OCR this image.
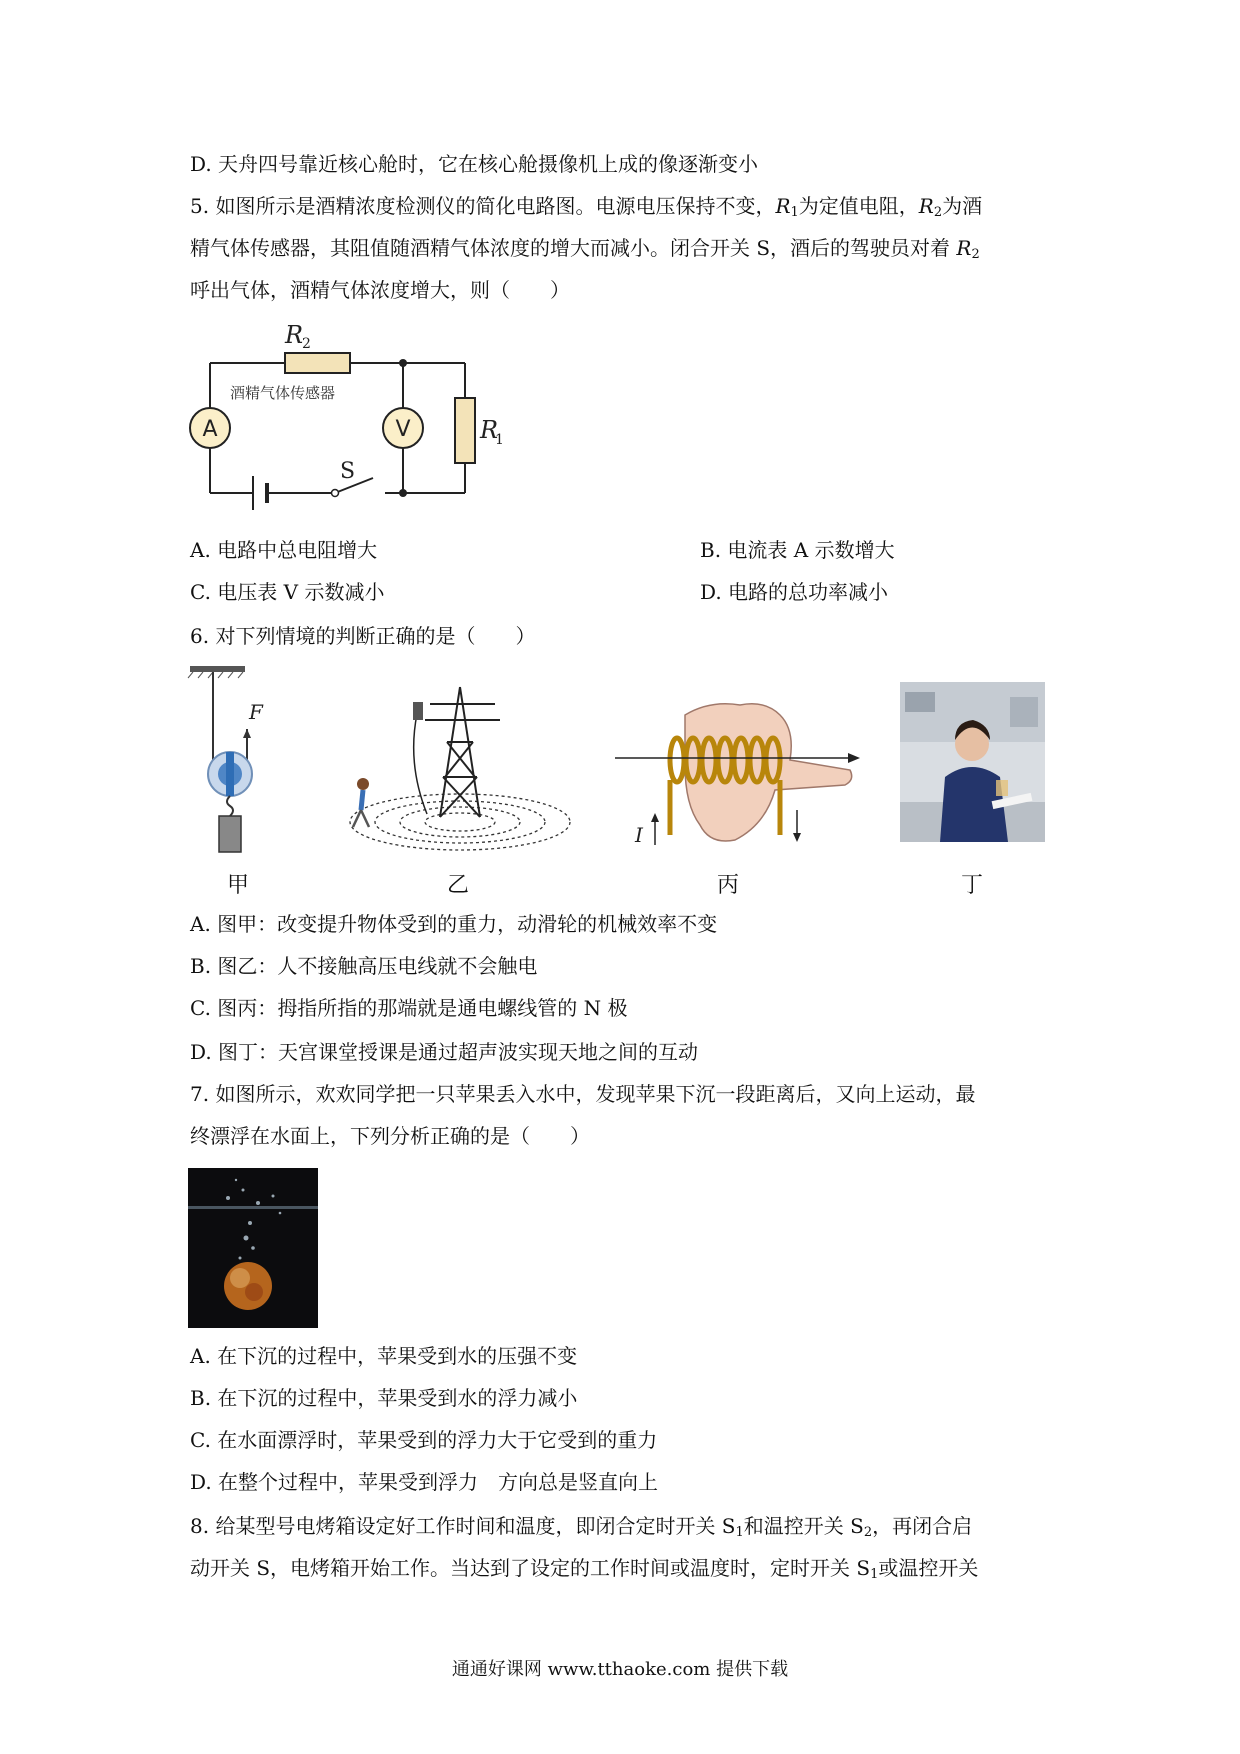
D. 天舟四号靠近核心舱时，它在核心舱摄像机上成的像逐渐变小
5. 如图所示是酒精浓度检测仪的简化电路图。电源电压保持不变，$R_1$为定值电阻，$R_2$为酒
精气体传感器，其阻值随酒精气体浓度的增大而减小。闭合开关 S，酒后的驾驶员对着 $R_2$
呼出气体，酒精气体浓度增大，则（　　）
A	V
R
2
酒精气体传感器
R
1
S
A. 电路中总电阻增大	B. 电流表 A 示数增大
C. 电压表 V 示数减小	D. 电路的总功率减小
6. 对下列情境的判断正确的是（　　）
F
甲	乙
I
丙	丁
A. 图甲：改变提升物体受到的重力，动滑轮的机械效率不变
B. 图乙：人不接触高压电线就不会触电
C. 图丙：拇指所指的那端就是通电螺线管的 N 极
D. 图丁：天宫课堂授课是通过超声波实现天地之间的互动
7. 如图所示，欢欢同学把一只苹果丢入水中，发现苹果下沉一段距离后，又向上运动，最
终漂浮在水面上，下列分析正确的是（　　）
A. 在下沉的过程中，苹果受到水的压强不变
B. 在下沉的过程中，苹果受到水的浮力减小
C. 在水面漂浮时，苹果受到的浮力大于它受到的重力
D. 在整个过程中，苹果受到浮力　方向总是竖直向上
8. 给某型号电烤箱设定好工作时间和温度，即闭合定时开关 $S_1$和温控开关 $S_2$，再闭合启
动开关 S，电烤箱开始工作。当达到了设定的工作时间或温度时，定时开关 $S_1$或温控开关
通通好课网 www.tthaoke.com 提供下载
